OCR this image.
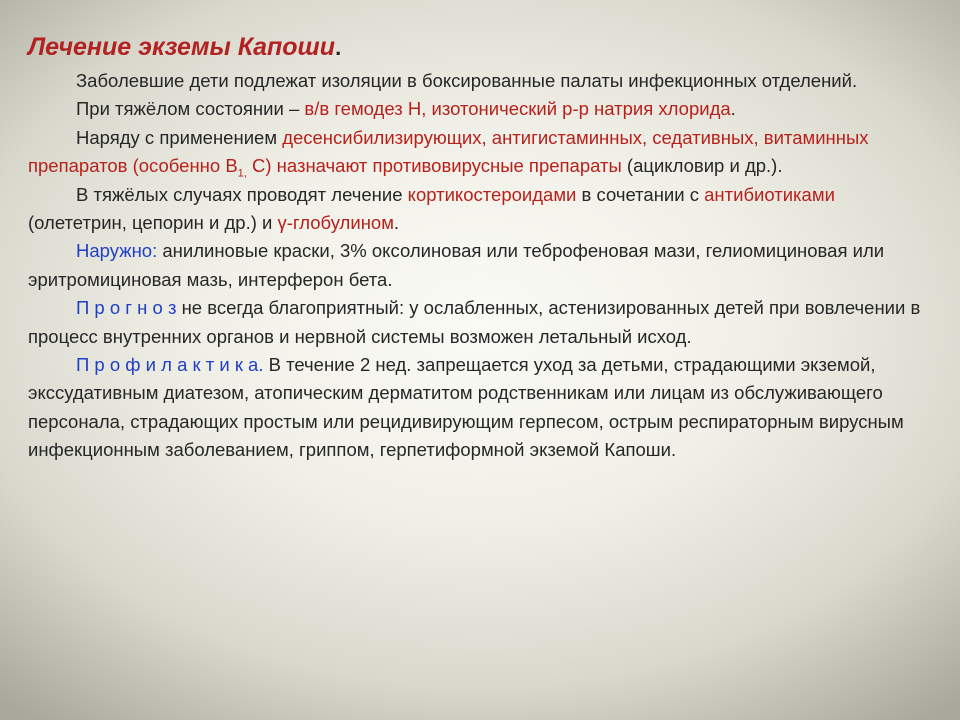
Лечение экземы Капоши.

Заболевшие дети подлежат изоляции в боксированные палаты инфекционных отделений.

При тяжёлом состоянии – в/в гемодез Н, изотонический р-р натрия хлорида.

Наряду с применением десенсибилизирующих, антигистаминных, седативных, витаминных препаратов (особенно $В_{1,}$ С) назначают противовирусные препараты (ацикловир и др.).

В тяжёлых случаях проводят лечение кортикостероидами в сочетании с антибиотиками (олететрин, цепорин и др.) и γ-глобулином.

Наружно: анилиновые краски, 3% оксолиновая или теброфеновая мази, гелиомициновая или эритромициновая мазь, интерферон бета.

П р о г н о з не всегда благоприятный: у ослабленных, астенизированных детей при вовлечении в процесс внутренних органов и нервной системы возможен летальный исход.

П р о ф и л а к т и к а. В течение 2 нед. запрещается уход за детьми, страдающими экземой, экссудативным диатезом, атопическим дерматитом родственникам или лицам из обслуживающего персонала, страдающих простым или рецидивирующим герпесом, острым респираторным вирусным инфекционным заболеванием, гриппом, герпетиформной экземой Капоши.
